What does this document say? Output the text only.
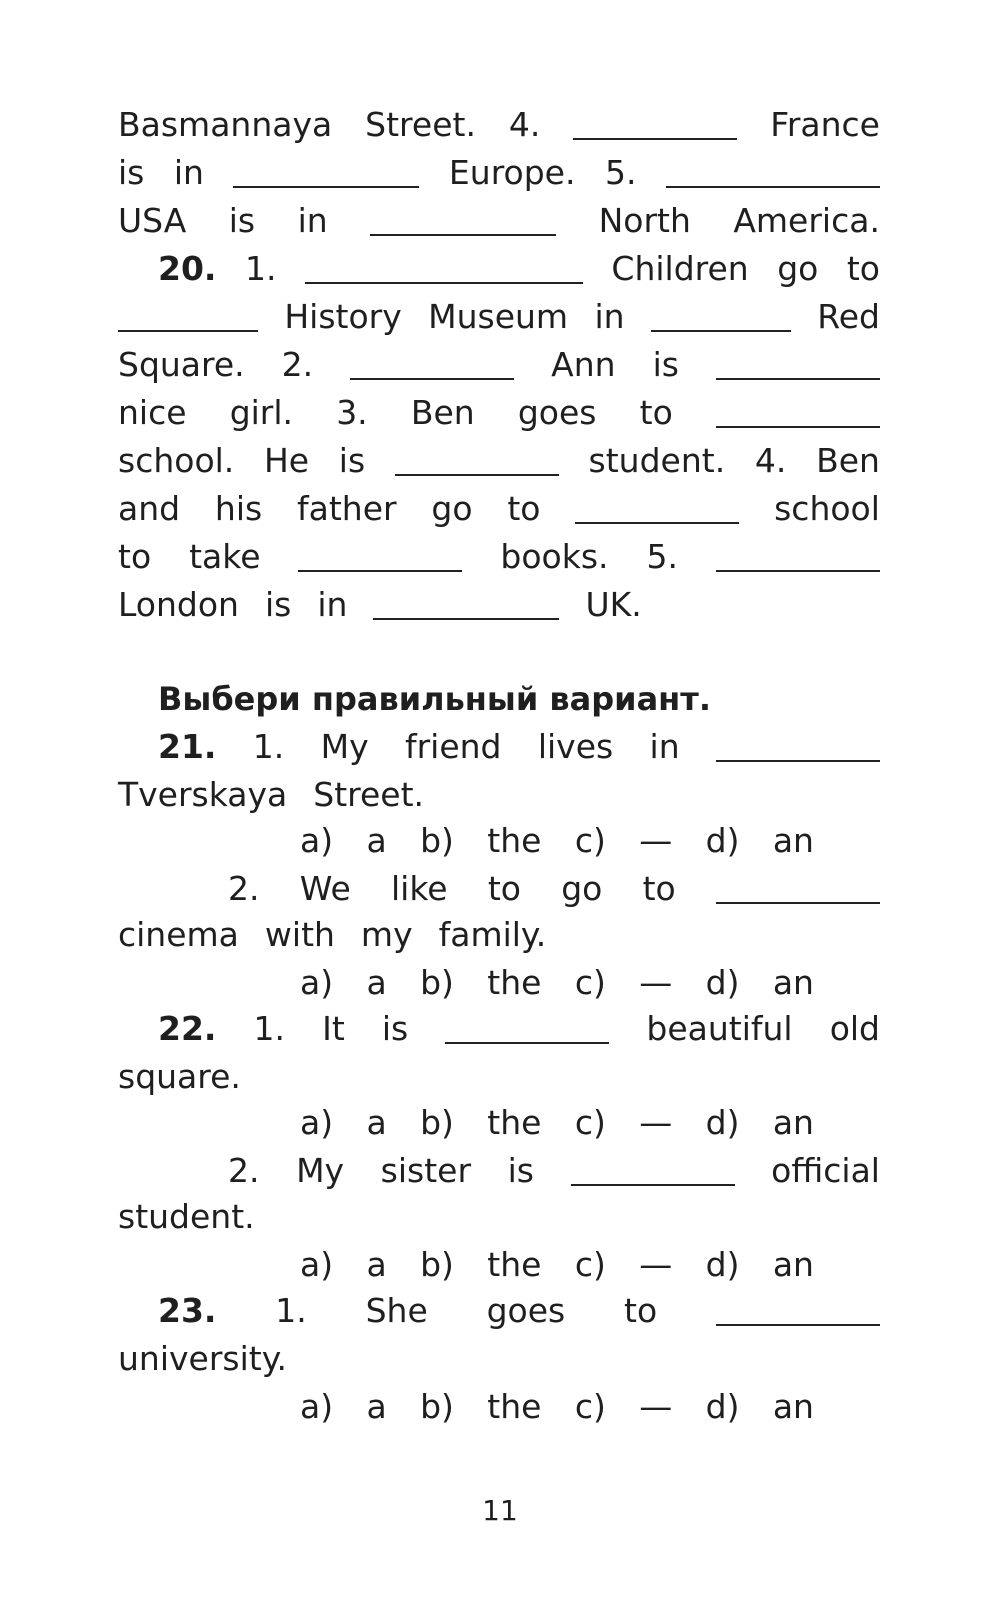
Basmannaya Street. 4.	France
is in	Europe. 5.
USA is in	North America.
20. 1.	Children go to
History Museum in	Red
Square. 2.	Ann is
nice girl. 3. Ben goes to
school. He is	student. 4. Ben
and his father go to	school
to take	books. 5.
London is in	UK.
Выбери правильный вариант.
21. 1. My friend lives in
Tverskaya Street.
a) a b) the c) — d) an
2. We like to go to
cinema with my family.
a) a b) the c) — d) an
22. 1. It is	beautiful old
square.
a) a b) the c) — d) an
2. My sister is	official
student.
a) a b) the c) — d) an
23. 1. She goes to
university.
a) a b) the c) — d) an
11
